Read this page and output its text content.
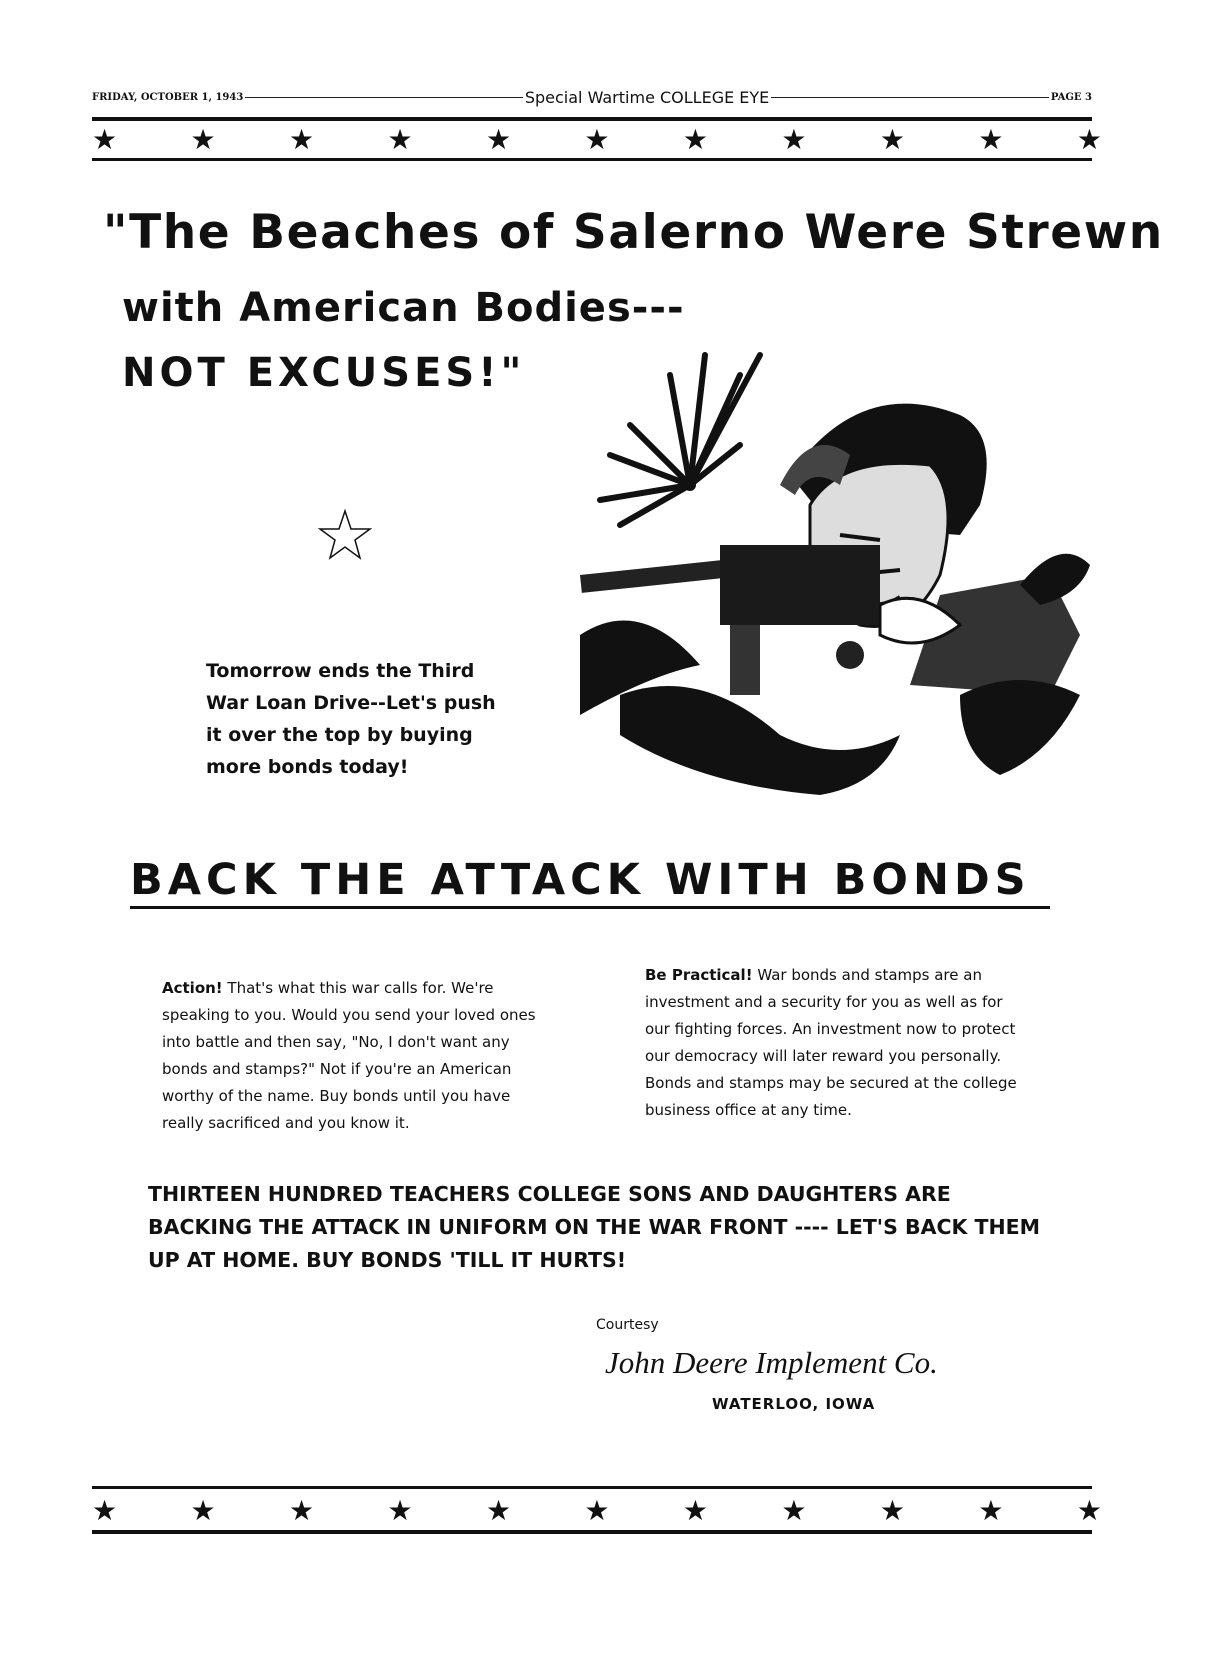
FRIDAY, OCTOBER 1, 1943	Special Wartime COLLEGE EYE	PAGE 3
★	★	★	★	★	★	★	★	★	★	★
"The Beaches of Salerno Were Strewn
with American Bodies---
NOT EXCUSES!"
Tomorrow ends the Third
War Loan Drive--Let's push
it over the top by buying
more bonds today!
BACK THE ATTACK WITH BONDS
Action! That's what this war calls for. We're speaking to you. Would you send your loved ones into battle and then say, "No, I don't want any bonds and stamps?" Not if you're an American worthy of the name. Buy bonds until you have really sacrificed and you know it.
Be Practical! War bonds and stamps are an investment and a security for you as well as for our fighting forces. An investment now to protect our democracy will later reward you personally. Bonds and stamps may be secured at the college business office at any time.
THIRTEEN HUNDRED TEACHERS COLLEGE SONS AND DAUGHTERS ARE BACKING THE ATTACK IN UNIFORM ON THE WAR FRONT ---- LET'S BACK THEM UP AT HOME. BUY BONDS 'TILL IT HURTS!
Courtesy
John Deere Implement Co.
WATERLOO, IOWA
★	★	★	★	★	★	★	★	★	★	★
